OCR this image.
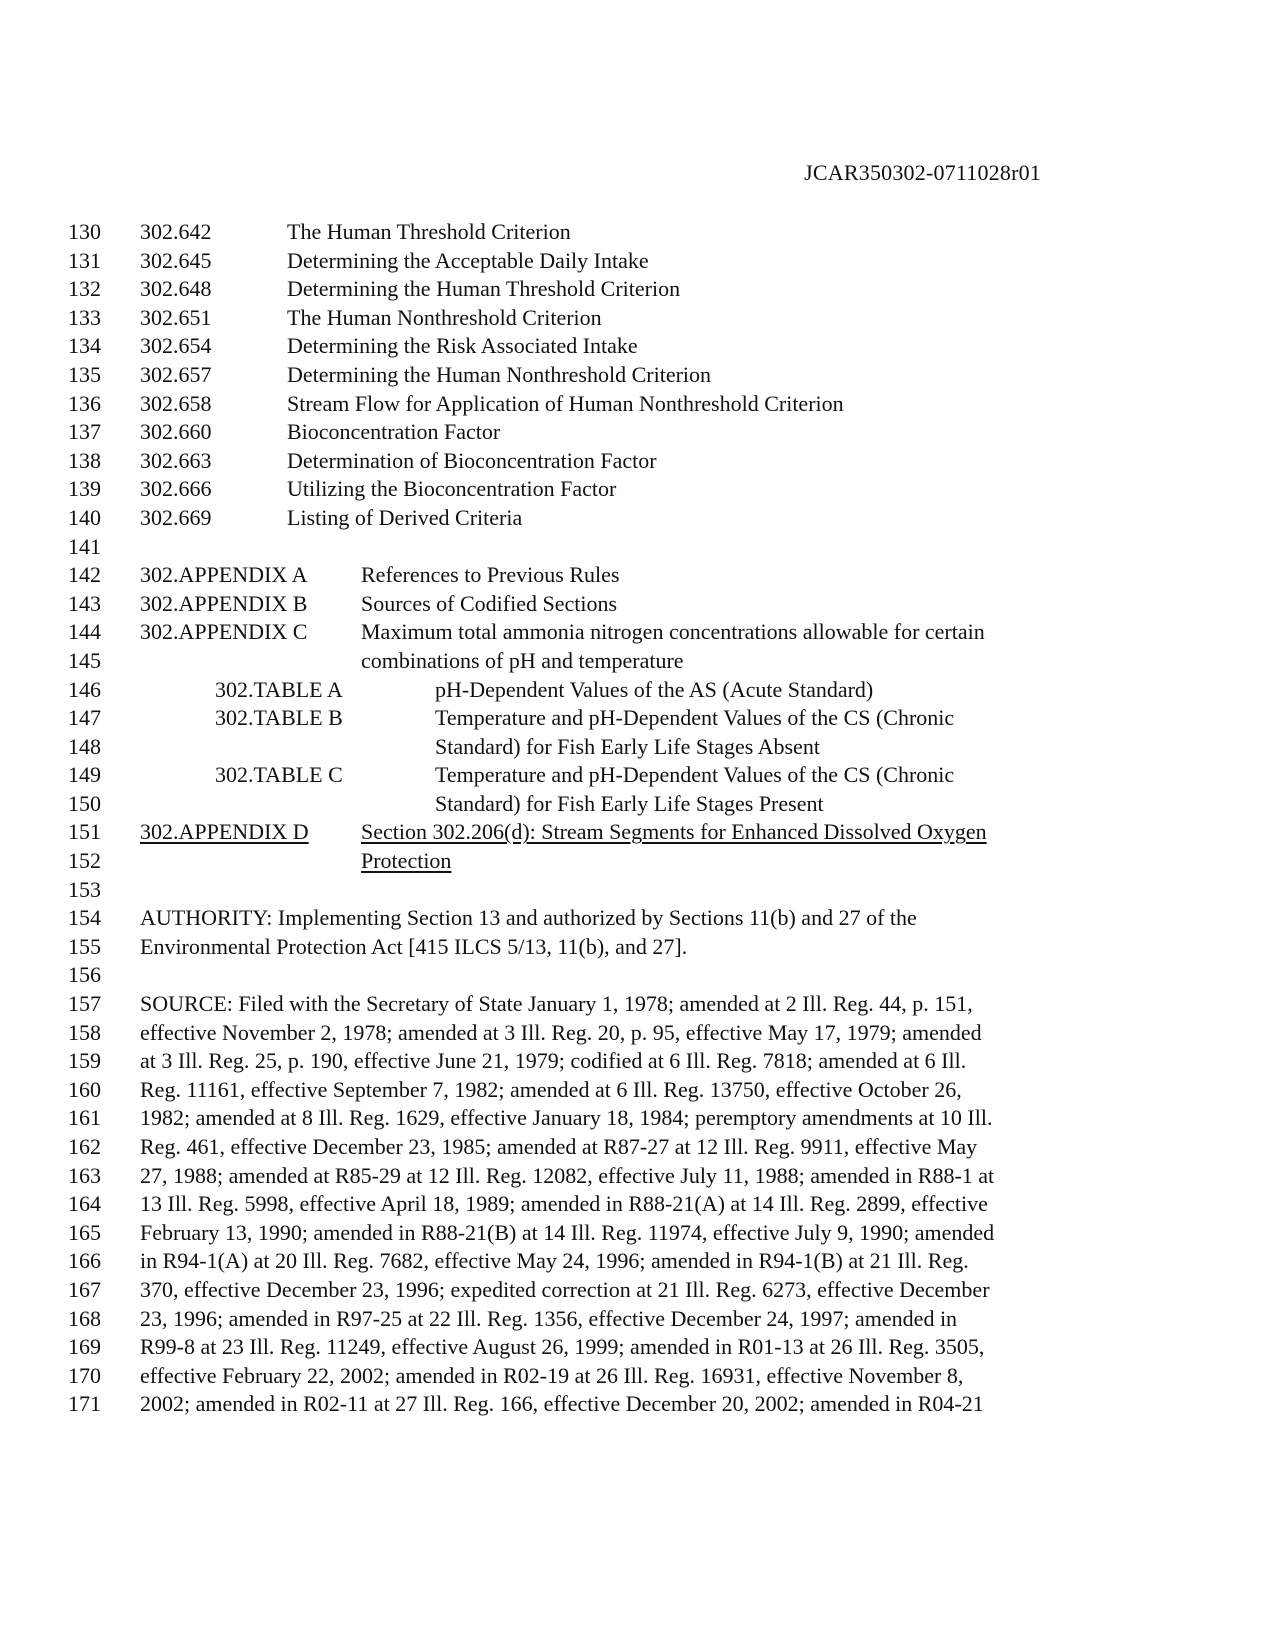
JCAR350302-0711028r01
130	302.642	The Human Threshold Criterion
131	302.645	Determining the Acceptable Daily Intake
132	302.648	Determining the Human Threshold Criterion
133	302.651	The Human Nonthreshold Criterion
134	302.654	Determining the Risk Associated Intake
135	302.657	Determining the Human Nonthreshold Criterion
136	302.658	Stream Flow for Application of Human Nonthreshold Criterion
137	302.660	Bioconcentration Factor
138	302.663	Determination of Bioconcentration Factor
139	302.666	Utilizing the Bioconcentration Factor
140	302.669	Listing of Derived Criteria
141
142	302.APPENDIX A References to Previous Rules
143	302.APPENDIX B Sources of Codified Sections
144	302.APPENDIX C Maximum total ammonia nitrogen concentrations allowable for certain
145	combinations of pH and temperature
146	302.TABLE A	pH-Dependent Values of the AS (Acute Standard)
147	302.TABLE B	Temperature and pH-Dependent Values of the CS (Chronic
148	Standard) for Fish Early Life Stages Absent
149	302.TABLE C	Temperature and pH-Dependent Values of the CS (Chronic
150	Standard) for Fish Early Life Stages Present
151	302.APPENDIX D Section 302.206(d): Stream Segments for Enhanced Dissolved Oxygen
152	Protection
153
154	AUTHORITY: Implementing Section 13 and authorized by Sections 11(b) and 27 of the
155	Environmental Protection Act [415 ILCS 5/13, 11(b), and 27].
156
157	SOURCE: Filed with the Secretary of State January 1, 1978; amended at 2 Ill. Reg. 44, p. 151,
158	effective November 2, 1978; amended at 3 Ill. Reg. 20, p. 95, effective May 17, 1979; amended
159	at 3 Ill. Reg. 25, p. 190, effective June 21, 1979; codified at 6 Ill. Reg. 7818; amended at 6 Ill.
160	Reg. 11161, effective September 7, 1982; amended at 6 Ill. Reg. 13750, effective October 26,
161	1982; amended at 8 Ill. Reg. 1629, effective January 18, 1984; peremptory amendments at 10 Ill.
162	Reg. 461, effective December 23, 1985; amended at R87-27 at 12 Ill. Reg. 9911, effective May
163	27, 1988; amended at R85-29 at 12 Ill. Reg. 12082, effective July 11, 1988; amended in R88-1 at
164	13 Ill. Reg. 5998, effective April 18, 1989; amended in R88-21(A) at 14 Ill. Reg. 2899, effective
165	February 13, 1990; amended in R88-21(B) at 14 Ill. Reg. 11974, effective July 9, 1990; amended
166	in R94-1(A) at 20 Ill. Reg. 7682, effective May 24, 1996; amended in R94-1(B) at 21 Ill. Reg.
167	370, effective December 23, 1996; expedited correction at 21 Ill. Reg. 6273, effective December
168	23, 1996; amended in R97-25 at 22 Ill. Reg. 1356, effective December 24, 1997; amended in
169	R99-8 at 23 Ill. Reg. 11249, effective August 26, 1999; amended in R01-13 at 26 Ill. Reg. 3505,
170	effective February 22, 2002; amended in R02-19 at 26 Ill. Reg. 16931, effective November 8,
171	2002; amended in R02-11 at 27 Ill. Reg. 166, effective December 20, 2002; amended in R04-21
